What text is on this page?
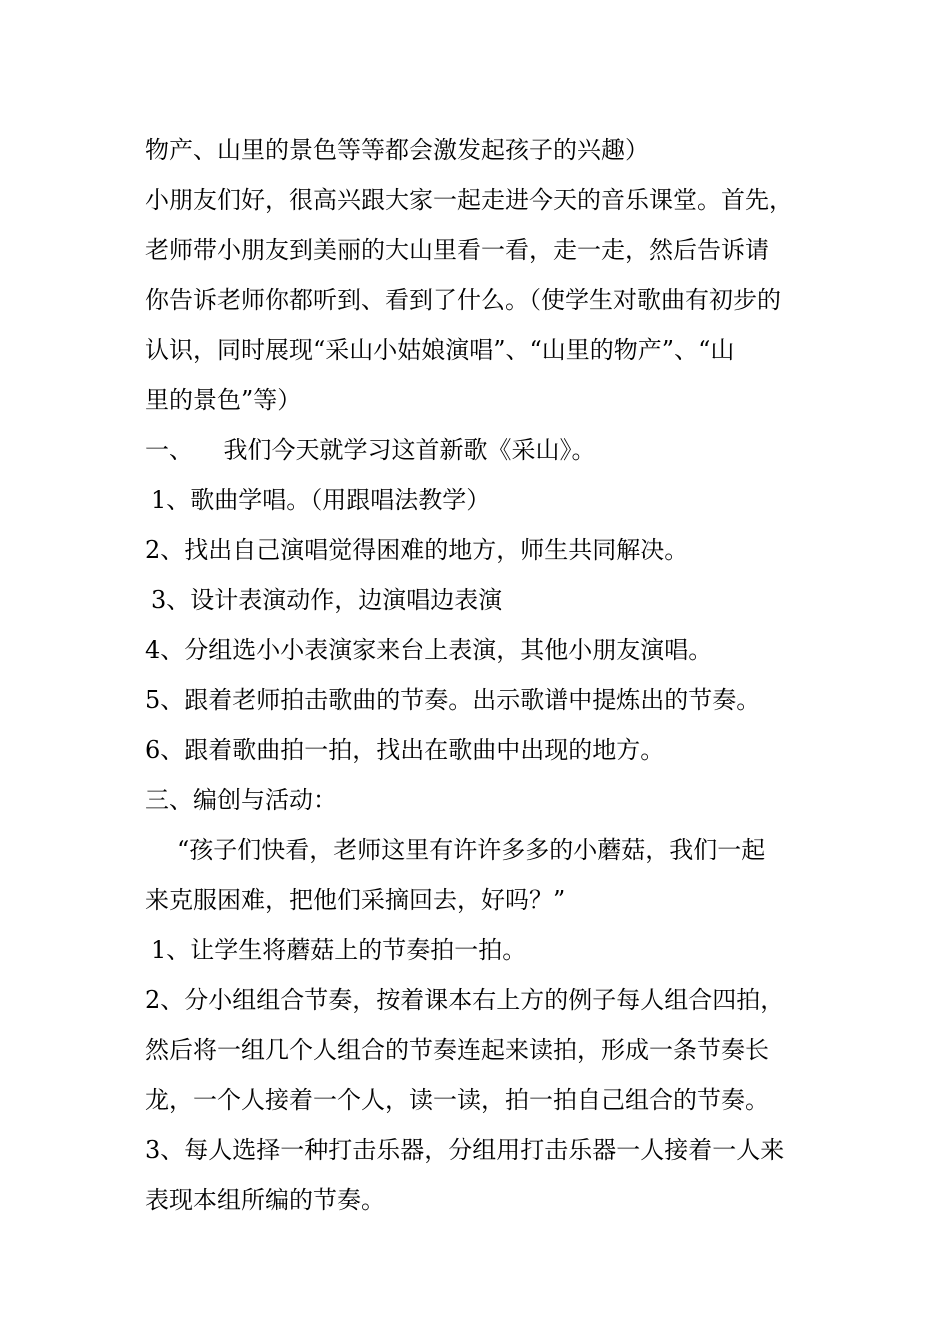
物产、山里的景色等等都会激发起孩子的兴趣）

小朋友们好，很高兴跟大家一起走进今天的音乐课堂。首先，

老师带小朋友到美丽的大山里看一看，走一走，然后告诉请

你告诉老师你都听到、看到了什么。（使学生对歌曲有初步的

认识，同时展现“采山小姑娘演唱”、“山里的物产”、“山

里的景色”等）

一、    我们今天就学习这首新歌《采山》。

1、歌曲学唱。（用跟唱法教学）

2、找出自己演唱觉得困难的地方，师生共同解决。

3、设计表演动作，边演唱边表演

4、分组选小小表演家来台上表演，其他小朋友演唱。

5、跟着老师拍击歌曲的节奏。出示歌谱中提炼出的节奏。

6、跟着歌曲拍一拍，找出在歌曲中出现的地方。

三、编创与活动：

“孩子们快看，老师这里有许许多多的小蘑菇，我们一起

来克服困难，把他们采摘回去，好吗？”

1、让学生将蘑菇上的节奏拍一拍。

2、分小组组合节奏，按着课本右上方的例子每人组合四拍，

然后将一组几个人组合的节奏连起来读拍，形成一条节奏长

龙，一个人接着一个人，读一读，拍一拍自己组合的节奏。

3、每人选择一种打击乐器，分组用打击乐器一人接着一人来

表现本组所编的节奏。
